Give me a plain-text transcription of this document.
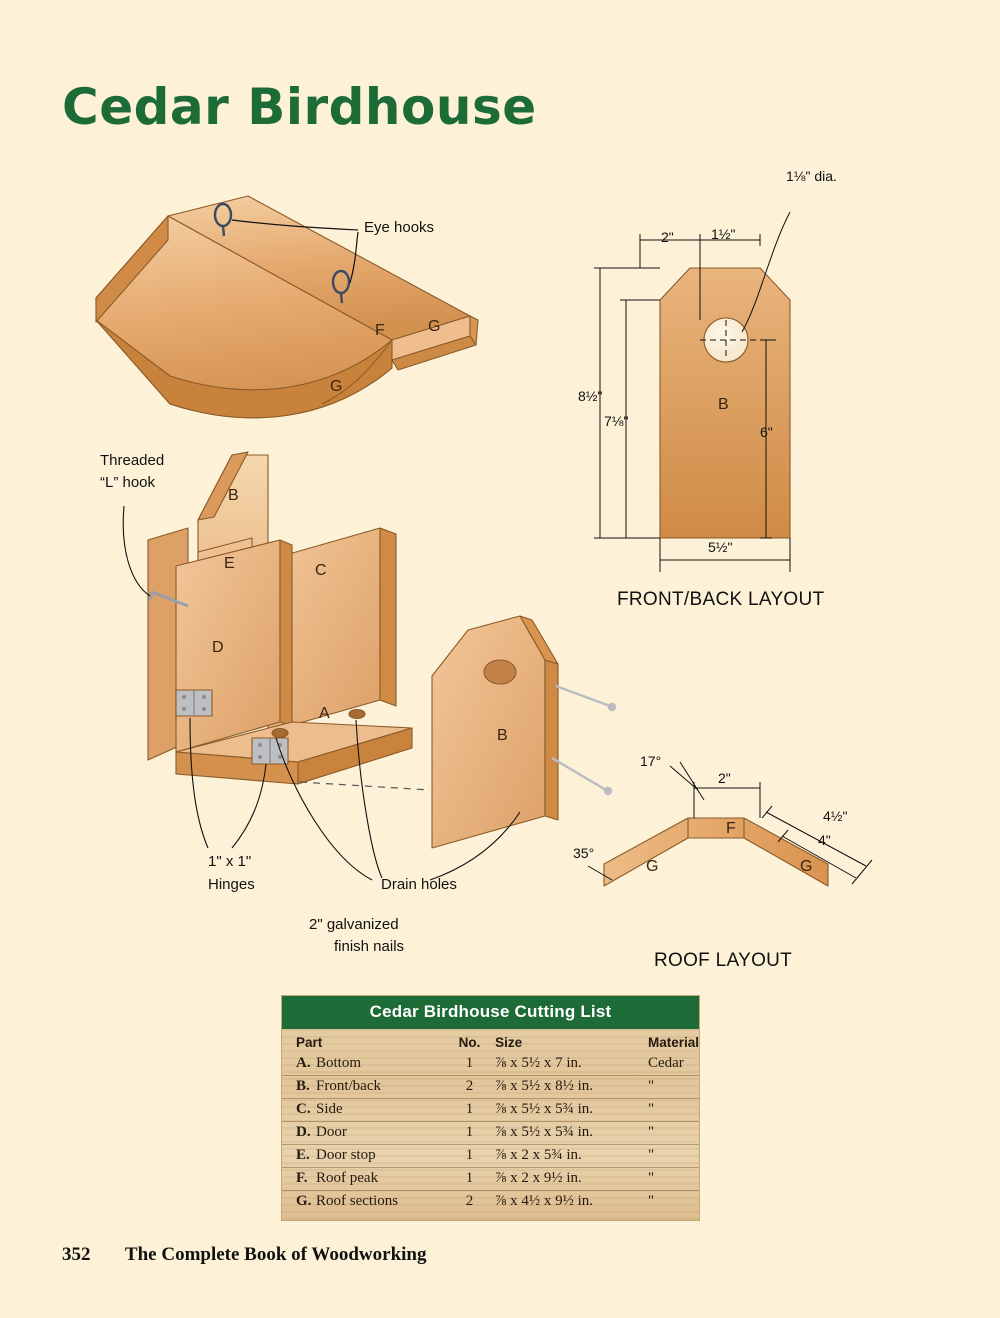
Cedar Birdhouse
Eye hooks
Threaded
“L” hook
1" x 1"
Hinges	Drain holes
2" galvanized
finish nails
F	G
G
B
E	C
D
A
B
1⅛" dia.
2"	1½"
8½"
7⅛"
6"
5½"
B
FRONT/BACK LAYOUT
17°
35°
2"
4½"
4"
F
G	G
ROOF LAYOUT
Cedar Birdhouse Cutting List
Part	No.	Size	Material
A. Bottom	1	⅞ x 5½ x 7 in.	Cedar
B. Front/back	2	⅞ x 5½ x 8½ in.	"
C. Side	1	⅞ x 5½ x 5¾ in.	"
D. Door	1	⅞ x 5½ x 5¾ in.	"
E. Door stop	1	⅞ x 2 x 5¾ in.	"
F. Roof peak	1	⅞ x 2 x 9½ in.	"
G. Roof sections	2	⅞ x 4½ x 9½ in.	"
352 The Complete Book of Woodworking
